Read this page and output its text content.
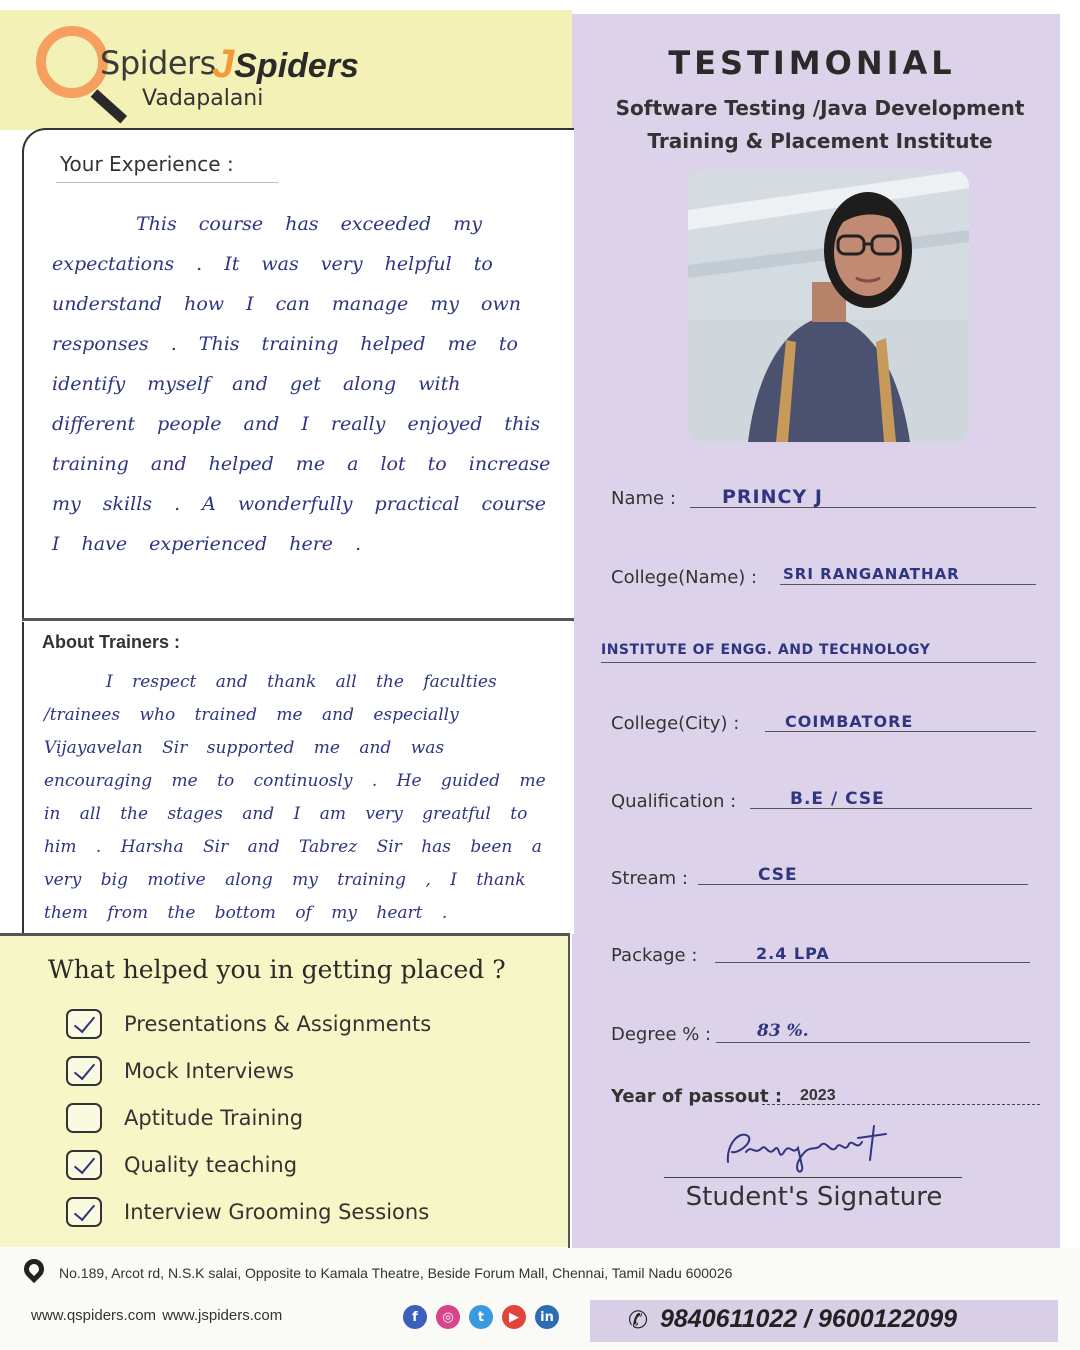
Spiders
JSpiders
Vadapalani
TESTIMONIAL
Software Testing /Java Development
Training & Placement Institute
Your Experience :

This course has exceeded my expectations . It was very helpful to understand how I can manage my own responses . This training helped me to identify myself and get along with different people and I really enjoyed this training and helped me a lot to increase my skills . A wonderfully practical course I have experienced here .

About Trainers :

I respect and thank all the faculties /trainees who trained me and especially Vijayavelan Sir supported me and was encouraging me to continuosly . He guided me in all the stages and I am very greatful to him . Harsha Sir and Tabrez Sir has been a very big motive along my training , I thank them from the bottom of my heart .

What helped you in getting placed ?
Presentations & Assignments
Mock Interviews
Aptitude Training
Quality teaching
Interview Grooming Sessions
Name : PRINCY J
College(Name) : SRI RANGANATHAR
INSTITUTE OF ENGG. AND TECHNOLOGY
College(City) :	COIMBATORE
Qualification :	B.E / CSE
Stream :	CSE
Package :	2.4 LPA
Degree % :	83 %.
Year of passout : 2023
Student's Signature
No.189, Arcot rd, N.S.K salai, Opposite to Kamala Theatre, Beside Forum Mall, Chennai, Tamil Nadu 600026
www.qspiders.com www.jspiders.com	f	◎	t	▶	in	✆ 9840611022 / 9600122099
